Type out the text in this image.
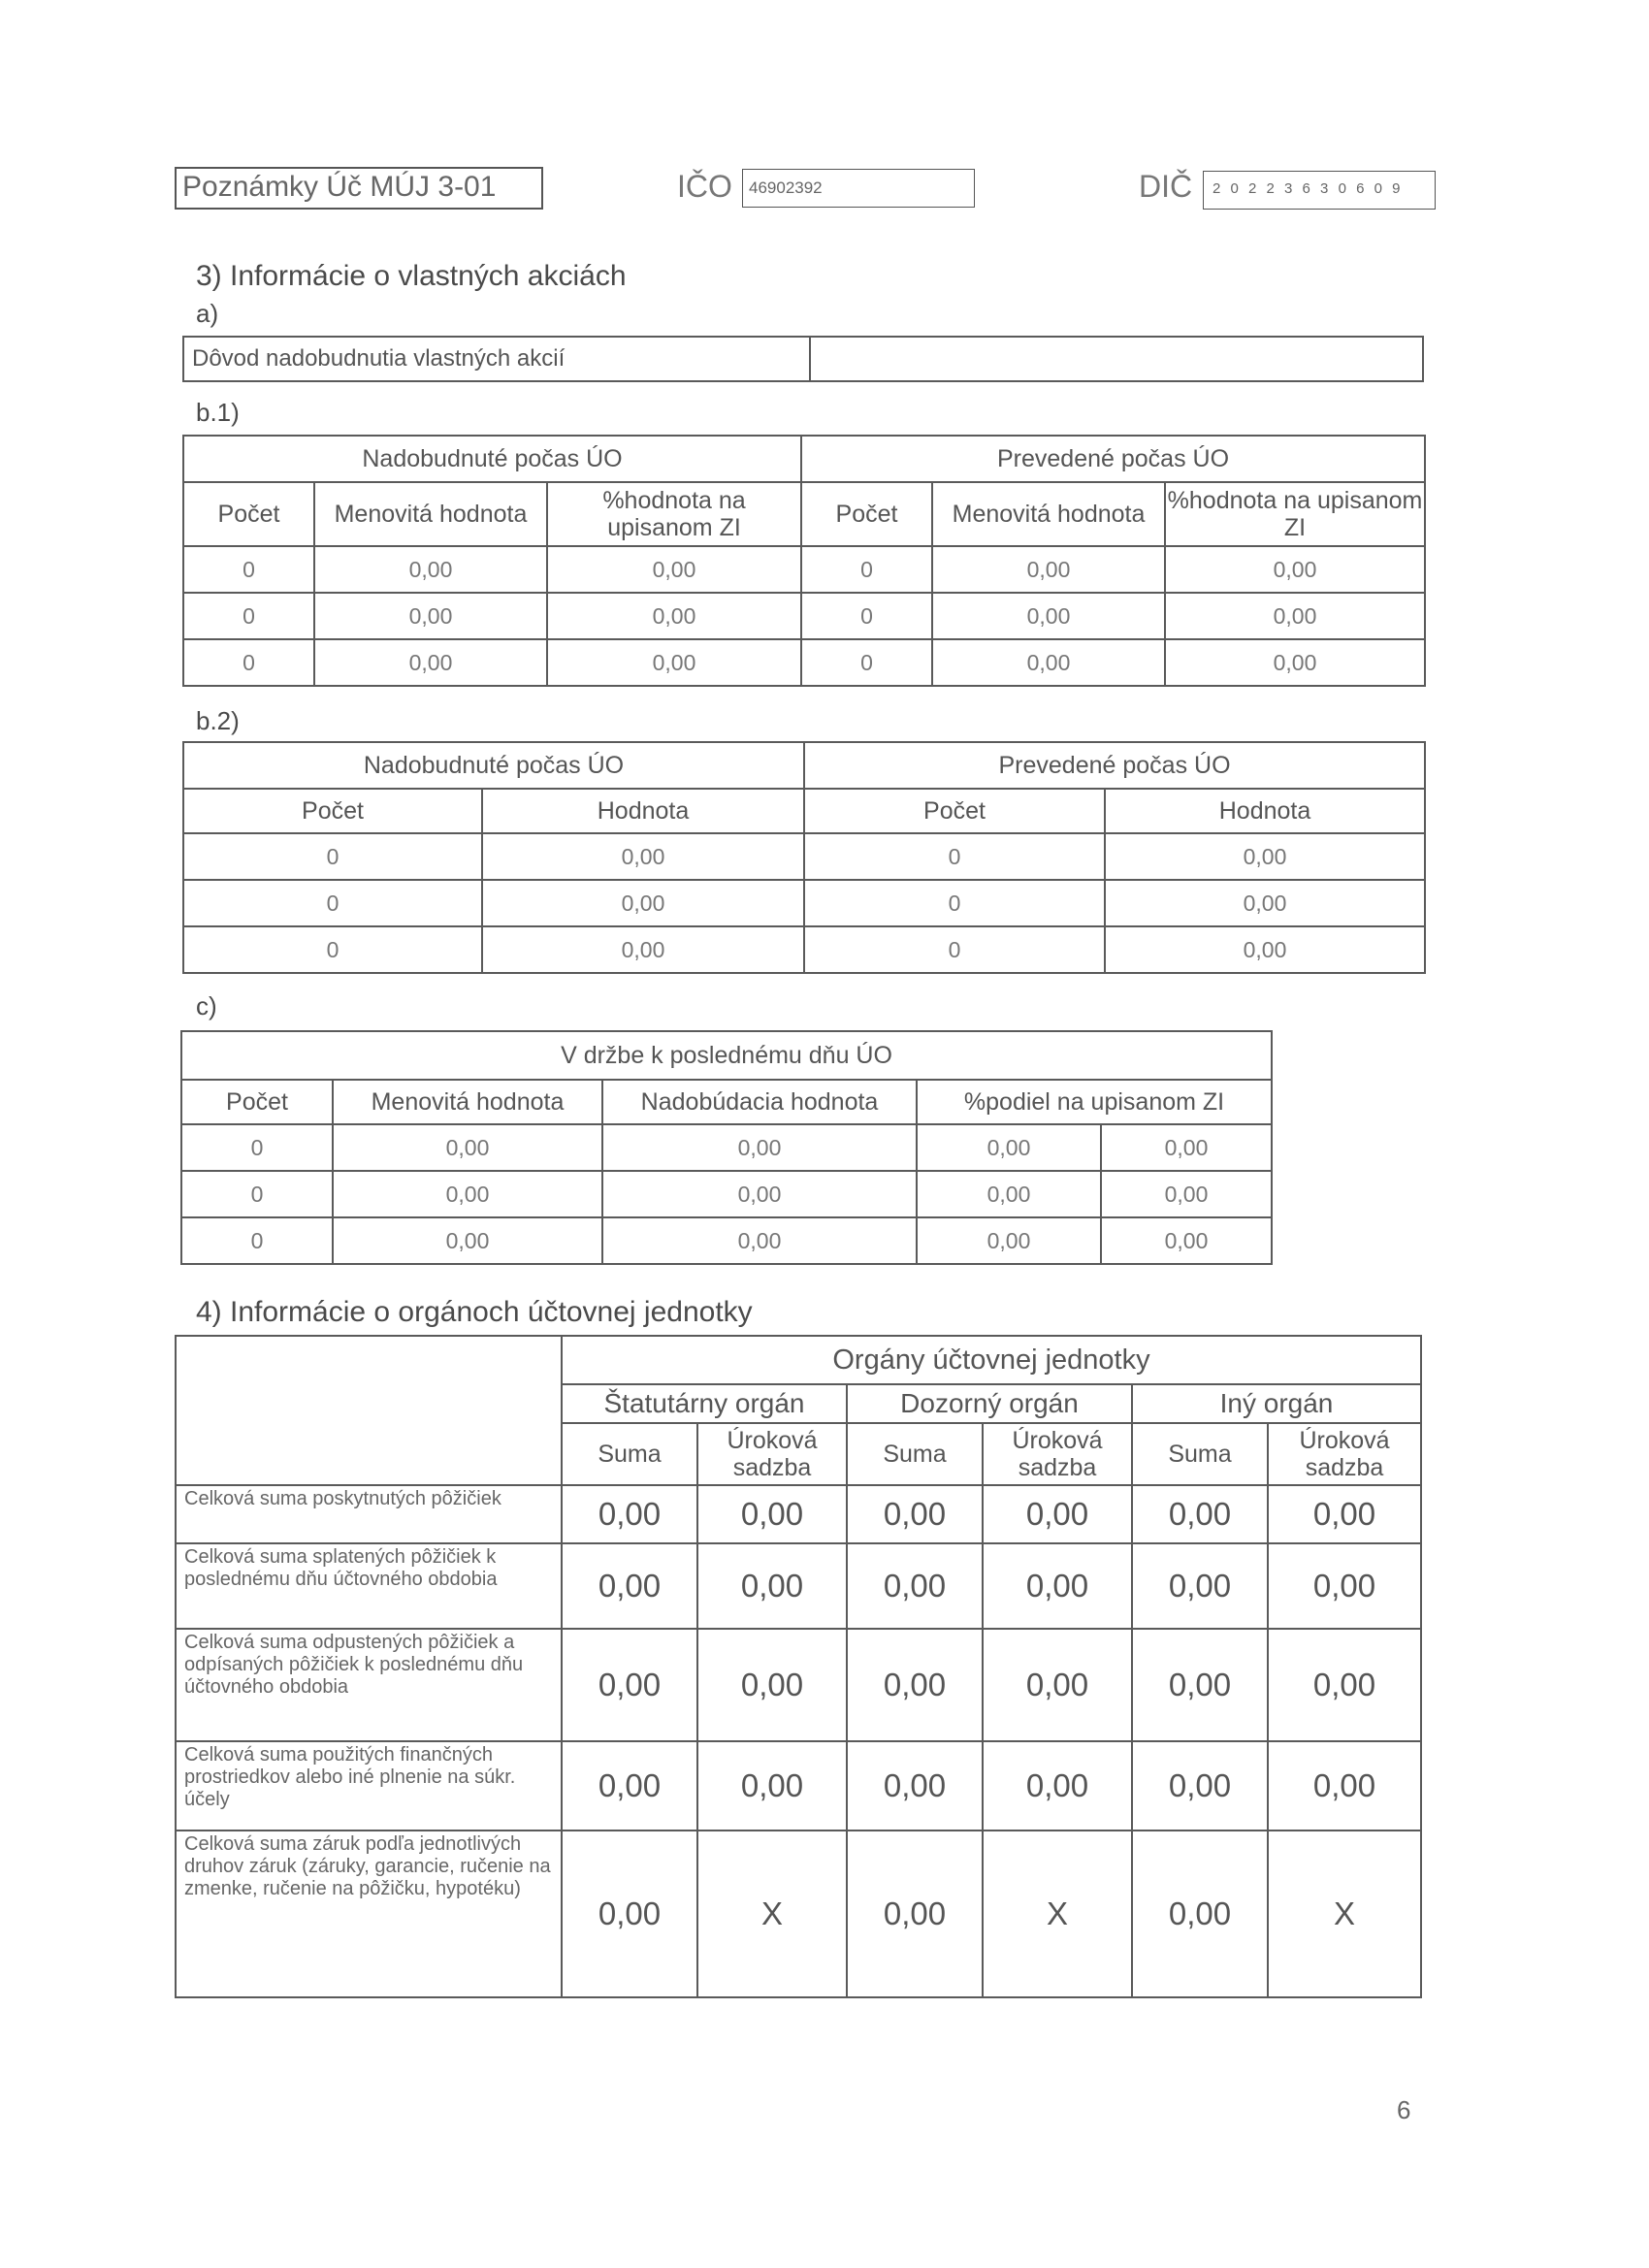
Poznámky Úč MÚJ 3-01	IČO 46902392	DIČ 2 0 2 2 3 6 3 0 6 0 9
3) Informácie o vlastných akciách
a)
Dôvod nadobudnutia vlastných akcií	
b.1)
Nadobudnuté počas ÚO			Prevedené počas ÚO		
Počet	Menovitá hodnota	%hodnota na upisanom ZI	Počet	Menovitá hodnota	%hodnota na upisanom ZI
0	0,00	0,00	0	0,00	0,00
0	0,00	0,00	0	0,00	0,00
0	0,00	0,00	0	0,00	0,00
b.2)
Nadobudnuté počas ÚO		Prevedené počas ÚO	
Počet	Hodnota	Počet	Hodnota
0	0,00	0	0,00
0	0,00	0	0,00
0	0,00	0	0,00
c)
V držbe k poslednému dňu ÚO				
Počet	Menovitá hodnota	Nadobúdacia hodnota	%podiel na upisanom ZI	
0	0,00	0,00	0,00	0,00
0	0,00	0,00	0,00	0,00
0	0,00	0,00	0,00	0,00
4) Informácie o orgánoch účtovnej jednotky
	Orgány účtovnej jednotky					
	Štatutárny orgán		Dozorný orgán		Iný orgán	
	Suma	Úroková sadzba	Suma	Úroková sadzba	Suma	Úroková sadzba
Celková suma poskytnutých pôžičiek	0,00	0,00	0,00	0,00	0,00	0,00
Celková suma splatených pôžičiek k poslednému dňu účtovného obdobia	0,00	0,00	0,00	0,00	0,00	0,00
Celková suma odpustených pôžičiek a odpísaných pôžičiek k poslednému dňu účtovného obdobia	0,00	0,00	0,00	0,00	0,00	0,00
Celková suma použitých finančných prostriedkov alebo iné plnenie na súkr. účely	0,00	0,00	0,00	0,00	0,00	0,00
Celková suma záruk podľa jednotlivých druhov záruk (záruky, garancie, ručenie na zmenke, ručenie na pôžičku, hypotéku)	0,00	X	0,00	X	0,00	X
6
